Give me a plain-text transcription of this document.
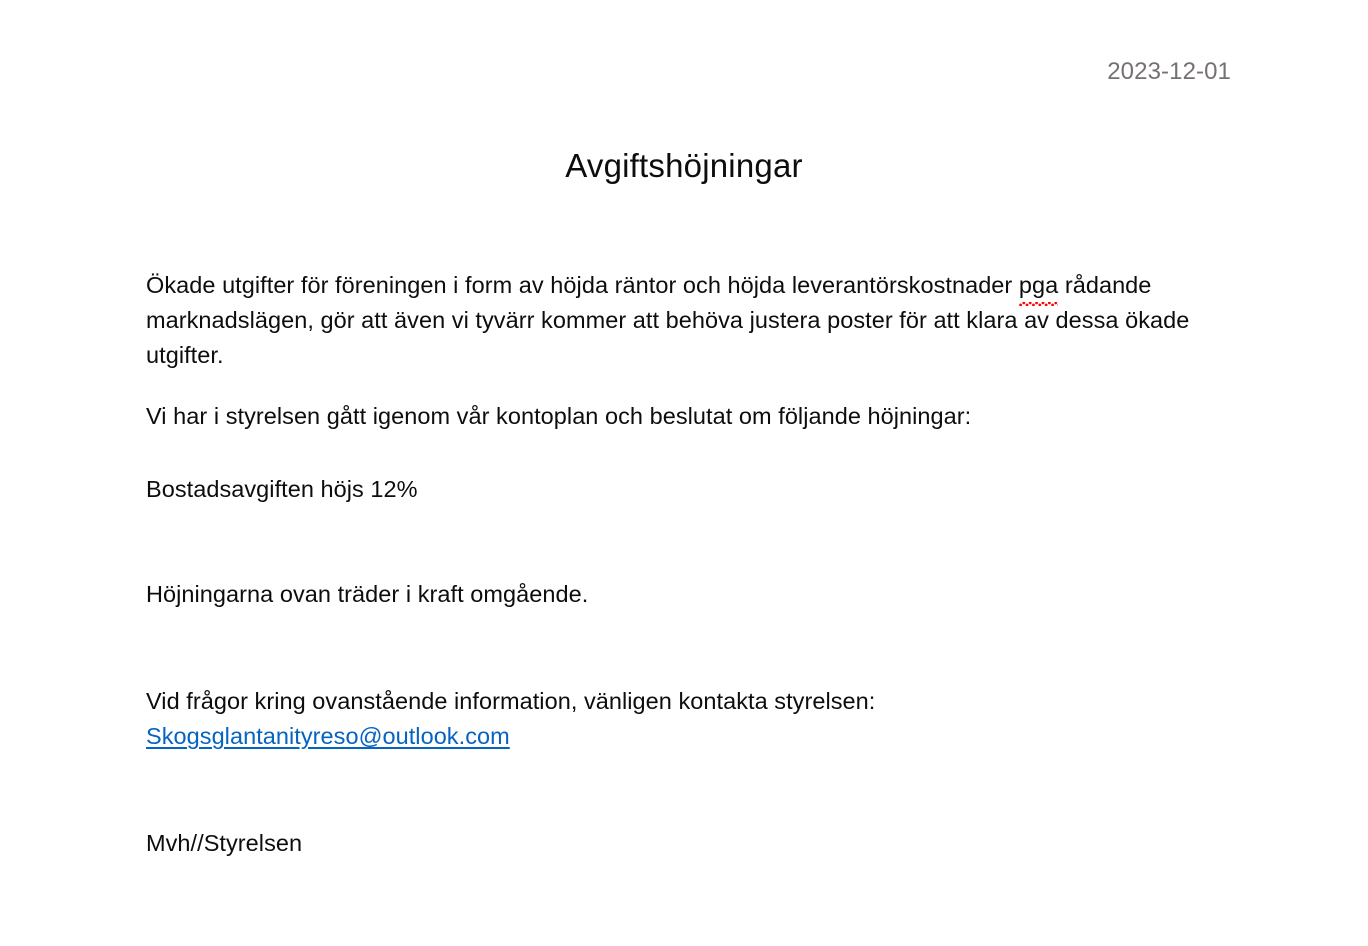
2023-12-01
Avgiftshöjningar

Ökade utgifter för föreningen i form av höjda räntor och höjda leverantörskostnader pga rådande marknadslägen, gör att även vi tyvärr kommer att behöva justera poster för att klara av dessa ökade utgifter.

Vi har i styrelsen gått igenom vår kontoplan och beslutat om följande höjningar:

Bostadsavgiften höjs 12%

Höjningarna ovan träder i kraft omgående.

Vid frågor kring ovanstående information, vänligen kontakta styrelsen:

Skogsglantanityreso@outlook.com

Mvh//Styrelsen
